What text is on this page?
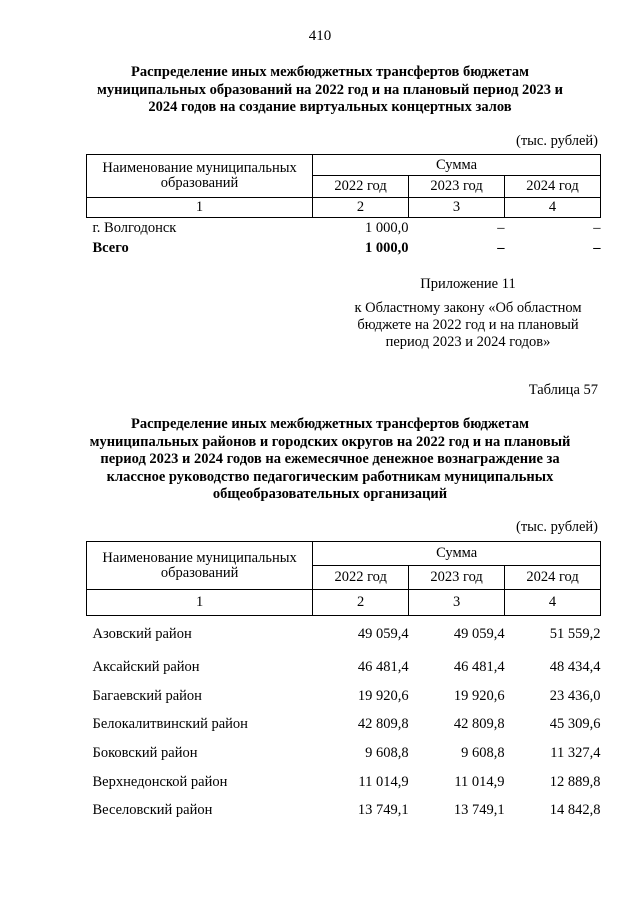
410
Распределение иных межбюджетных трансфертов бюджетам
муниципальных образований на 2022 год и на плановый период 2023 и
2024 годов на создание виртуальных концертных залов
(тыс. рублей)
Наименование муниципальных образований	Сумма		
	2022 год	2023 год	2024 год
1	2	3	4
г. Волгодонск	1 000,0	–	–
Всего	1 000,0	–	–
Приложение 11
к Областному закону «Об областном
бюджете на 2022 год и на плановый
период 2023 и 2024 годов»
Таблица 57
Распределение иных межбюджетных трансфертов бюджетам
муниципальных районов и городских округов на 2022 год и на плановый
период 2023 и 2024 годов на ежемесячное денежное вознаграждение за
классное руководство педагогическим работникам муниципальных
общеобразовательных организаций
(тыс. рублей)
Наименование муниципальных образований	Сумма		
	2022 год	2023 год	2024 год
1	2	3	4
Азовский район	49 059,4	49 059,4	51 559,2
Аксайский район	46 481,4	46 481,4	48 434,4
Багаевский район	19 920,6	19 920,6	23 436,0
Белокалитвинский район	42 809,8	42 809,8	45 309,6
Боковский район	9 608,8	9 608,8	11 327,4
Верхнедонской район	11 014,9	11 014,9	12 889,8
Веселовский район	13 749,1	13 749,1	14 842,8
